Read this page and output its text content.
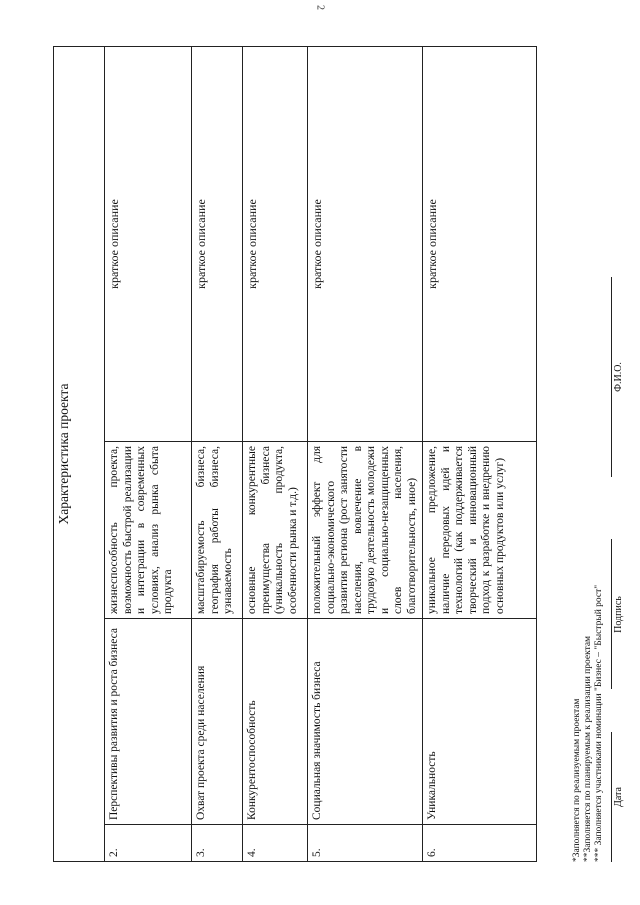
2
Характеристика проекта			
2.	Перспективы развития и роста бизнеса	жизнеспособность проекта, возможность быстрой реализации и интеграции в современных условиях, анализ рынка сбыта продукта	краткое описание
3.	Охват проекта среди населения	масштабируемость бизнеса, география работы бизнеса, узнаваемость	краткое описание
4.	Конкурентоспособность	основные конкурентные преимущества бизнеса (уникальность продукта, особенности рынка и т.д.)	краткое описание
5.	Социальная значимость бизнеса	положительный эффект для социально-экономического развития региона (рост занятости населения, вовлечение в трудовую деятельность молодежи и социально-незащищенных слоев населения, благотворительность, иное)	краткое описание
6.	Уникальность	уникальное предложение, наличие передовых идей и технологий (как поддерживается творческий и инновационный подход к разработке и внедрению основных продуктов или услуг)	краткое описание
*Заполняется по реализуемым проектам **Заполняется по планируемым к реализации проектам *** Заполняется участниками номинации "Бизнес – "Быстрый рост" Дата Подпись Ф.И.О.
